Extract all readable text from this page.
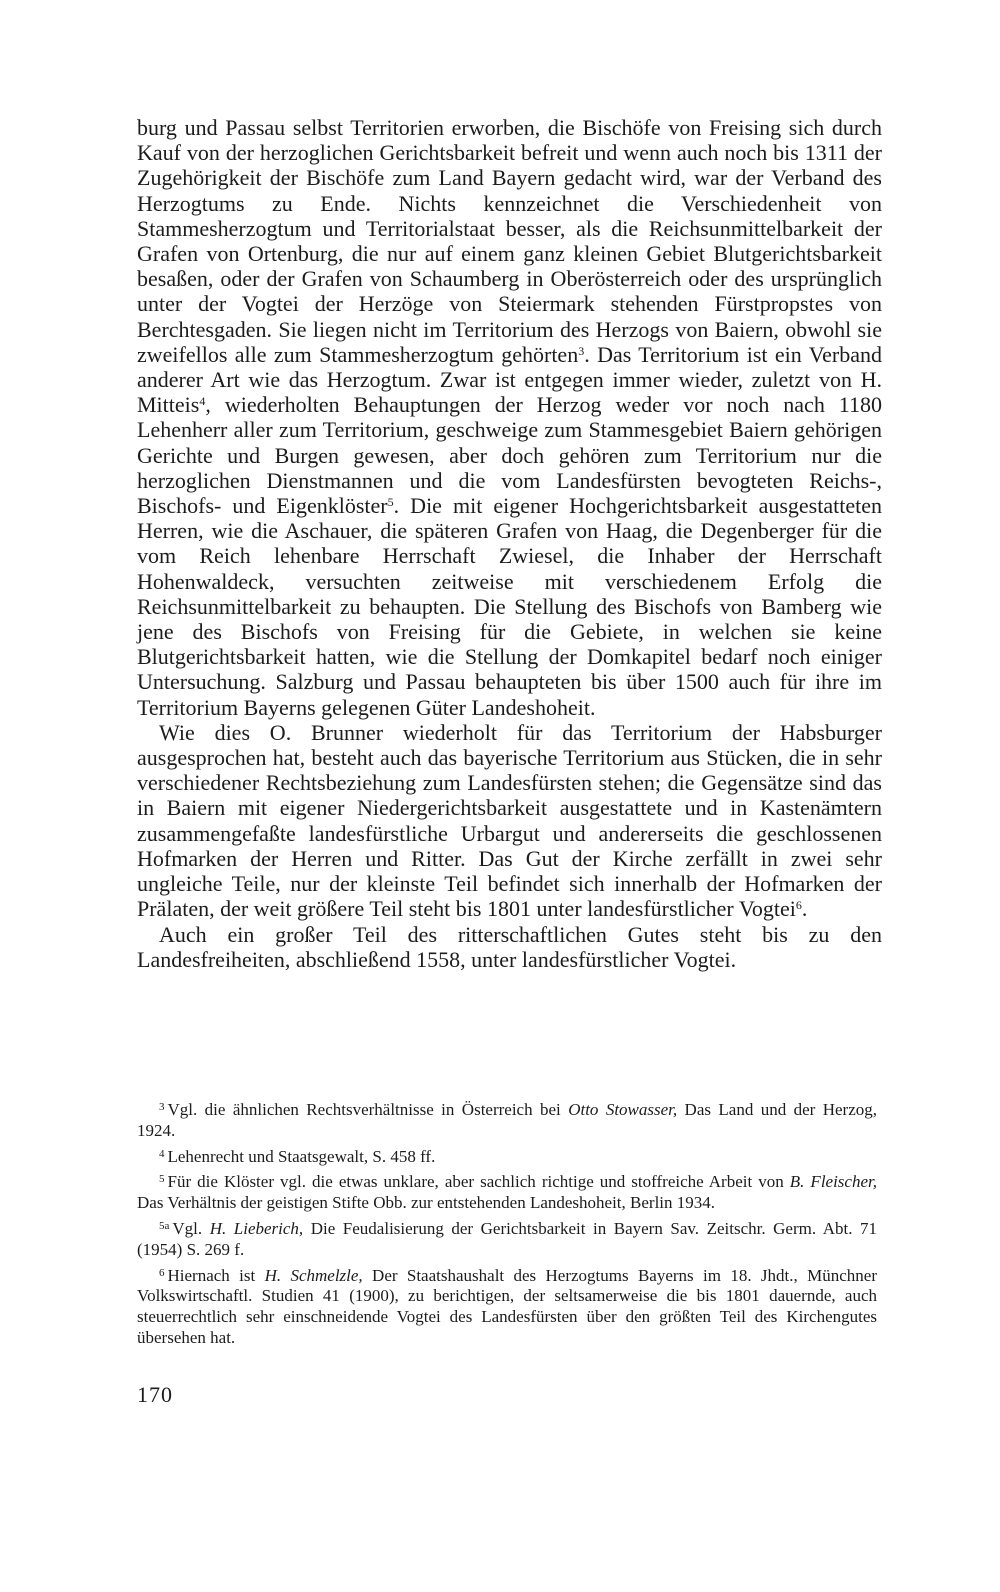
burg und Passau selbst Territorien erworben, die Bischöfe von Freising sich durch Kauf von der herzoglichen Gerichtsbarkeit befreit und wenn auch noch bis 1311 der Zugehörigkeit der Bischöfe zum Land Bayern gedacht wird, war der Verband des Herzogtums zu Ende. Nichts kennzeichnet die Verschiedenheit von Stammesherzogtum und Territorialstaat besser, als die Reichsunmittelbarkeit der Grafen von Ortenburg, die nur auf einem ganz kleinen Gebiet Blutgerichtsbarkeit besaßen, oder der Grafen von Schaumberg in Oberösterreich oder des ursprünglich unter der Vogtei der Herzöge von Steiermark stehenden Fürstpropstes von Berchtesgaden. Sie liegen nicht im Territorium des Herzogs von Baiern, obwohl sie zweifellos alle zum Stammesherzogtum gehörten$^3$. Das Territorium ist ein Verband anderer Art wie das Herzogtum. Zwar ist entgegen immer wieder, zuletzt von H. Mitteis$^4$, wiederholten Behauptungen der Herzog weder vor noch nach 1180 Lehenherr aller zum Territorium, geschweige zum Stammesgebiet Baiern gehörigen Gerichte und Burgen gewesen, aber doch gehören zum Territorium nur die herzoglichen Dienstmannen und die vom Landesfürsten bevogteten Reichs-, Bischofs- und Eigenklöster$^5$. Die mit eigener Hochgerichtsbarkeit ausgestatteten Herren, wie die Aschauer, die späteren Grafen von Haag, die Degenberger für die vom Reich lehenbare Herrschaft Zwiesel, die Inhaber der Herrschaft Hohenwaldeck, versuchten zeitweise mit verschiedenem Erfolg die Reichsunmittelbarkeit zu behaupten. Die Stellung des Bischofs von Bamberg wie jene des Bischofs von Freising für die Gebiete, in welchen sie keine Blutgerichtsbarkeit hatten, wie die Stellung der Domkapitel bedarf noch einiger Untersuchung. Salzburg und Passau behaupteten bis über 1500 auch für ihre im Territorium Bayerns gelegenen Güter Landeshoheit.

Wie dies O. Brunner wiederholt für das Territorium der Habsburger ausgesprochen hat, besteht auch das bayerische Territorium aus Stücken, die in sehr verschiedener Rechtsbeziehung zum Landesfürsten stehen; die Gegensätze sind das in Baiern mit eigener Niedergerichtsbarkeit ausgestattete und in Kastenämtern zusammengefaßte landesfürstliche Urbargut und andererseits die geschlossenen Hofmarken der Herren und Ritter. Das Gut der Kirche zerfällt in zwei sehr ungleiche Teile, nur der kleinste Teil befindet sich innerhalb der Hofmarken der Prälaten, der weit größere Teil steht bis 1801 unter landesfürstlicher Vogtei$^6$.

Auch ein großer Teil des ritterschaftlichen Gutes steht bis zu den Landesfreiheiten, abschließend 1558, unter landesfürstlicher Vogtei.

$^3$ Vgl. die ähnlichen Rechtsverhältnisse in Österreich bei Otto Stowasser, Das Land und der Herzog, 1924.

$^4$ Lehenrecht und Staatsgewalt, S. 458 ff.

$^5$ Für die Klöster vgl. die etwas unklare, aber sachlich richtige und stoffreiche Arbeit von B. Fleischer, Das Verhältnis der geistigen Stifte Obb. zur entstehenden Landeshoheit, Berlin 1934.

$^{5a}$ Vgl. H. Lieberich, Die Feudalisierung der Gerichtsbarkeit in Bayern Sav. Zeitschr. Germ. Abt. 71 (1954) S. 269 f.

$^6$ Hiernach ist H. Schmelzle, Der Staatshaushalt des Herzogtums Bayerns im 18. Jhdt., Münchner Volkswirtschaftl. Studien 41 (1900), zu berichtigen, der seltsamerweise die bis 1801 dauernde, auch steuerrechtlich sehr einschneidende Vogtei des Landesfürsten über den größten Teil des Kirchengutes übersehen hat.

170
